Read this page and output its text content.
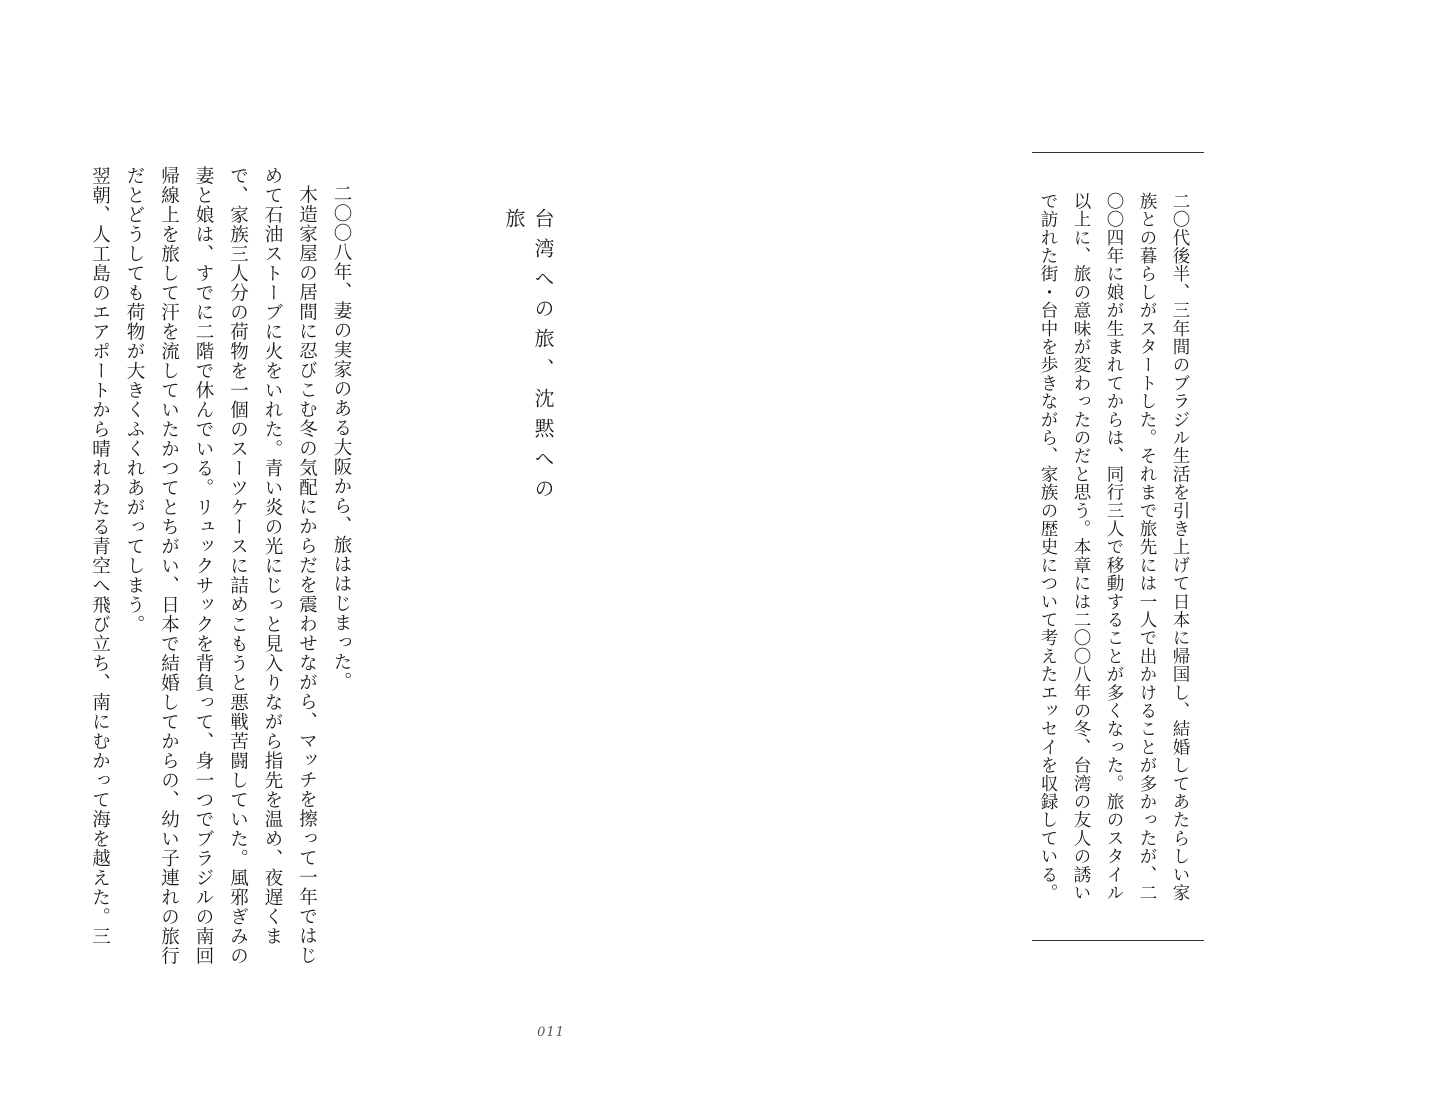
二〇代後半、三年間のブラジル生活を引き上げて日本に帰国し、結婚してあたらしい家族との暮らしがスタートした。それまで旅先には一人で出かけることが多かったが、二〇〇四年に娘が生まれてからは、同行三人で移動することが多くなった。旅のスタイル以上に、旅の意味が変わったのだと思う。本章には二〇〇八年の冬、台湾の友人の誘いで訪れた街・台中を歩きながら、家族の歴史について考えたエッセイを収録している。

台湾への旅、沈黙への旅

二〇〇八年、妻の実家のある大阪から、旅ははじまった。

木造家屋の居間に忍びこむ冬の気配にからだを震わせながら、マッチを擦って一年ではじめて石油ストーブに火をいれた。青い炎の光にじっと見入りながら指先を温め、夜遅くまで、家族三人分の荷物を一個のスーツケースに詰めこもうと悪戦苦闘していた。風邪ぎみの妻と娘は、すでに二階で休んでいる。リュックサックを背負って、身一つでブラジルの南回帰線上を旅して汗を流していたかつてとちがい、日本で結婚してからの、幼い子連れの旅行だとどうしても荷物が大きくふくれあがってしまう。

翌朝、人工島のエアポートから晴れわたる青空へ飛び立ち、南にむかって海を越えた。三

011
